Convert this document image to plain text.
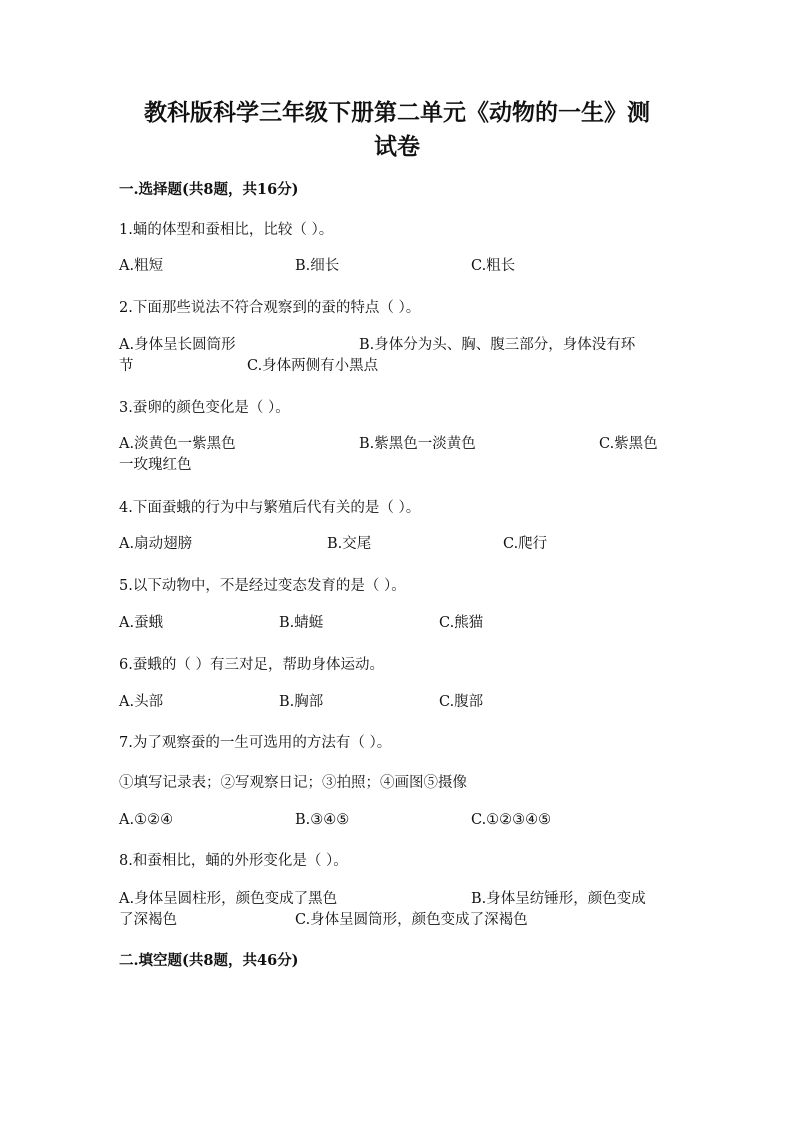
教科版科学三年级下册第二单元《动物的一生》测
试卷
一.选择题(共8题，共16分)
1.蛹的体型和蚕相比，比较（ ）。
A.粗短	B.细长	C.粗长
2.下面那些说法不符合观察到的蚕的特点（ ）。
A.身体呈长圆筒形	B.身体分为头、胸、腹三部分，身体没有环
节	C.身体两侧有小黑点
3.蚕卵的颜色变化是（ ）。
A.淡黄色一紫黑色	B.紫黑色一淡黄色	C.紫黑色
一玫瑰红色
4.下面蚕蛾的行为中与繁殖后代有关的是（ ）。
A.扇动翅膀	B.交尾	C.爬行
5.以下动物中，不是经过变态发育的是（ ）。
A.蚕蛾	B.蜻蜓	C.熊猫
6.蚕蛾的（ ）有三对足，帮助身体运动。
A.头部	B.胸部	C.腹部
7.为了观察蚕的一生可选用的方法有（ ）。
①填写记录表；②写观察日记；③拍照；④画图⑤摄像
A.①②④	B.③④⑤	C.①②③④⑤
8.和蚕相比，蛹的外形变化是（ ）。
A.身体呈圆柱形，颜色变成了黑色	B.身体呈纺锤形，颜色变成
了深褐色	C.身体呈圆筒形，颜色变成了深褐色
二.填空题(共8题，共46分)
